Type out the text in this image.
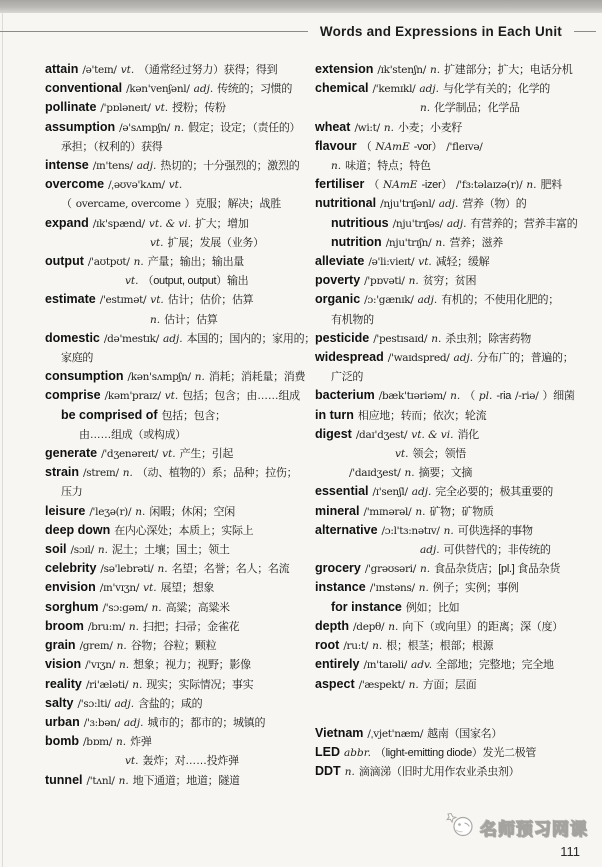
Words and Expressions in Each Unit
attain /ə'teɪn/ vt. （通常经过努力）获得；得到
conventional /kən'venʃənl/ adj. 传统的；习惯的
pollinate /'pɒləneɪt/ vt. 授粉；传粉
assumption /ə'sʌmpʃn/ n. 假定；设定；（责任的）
承担；（权利的）获得
intense /ɪn'tens/ adj. 热切的；十分强烈的；激烈的
overcome /ˌəʊvə'kʌm/ vt.
（ overcame, overcome ）克服；解决；战胜
expand /ɪk'spænd/ vt. & vi. 扩大；增加
vt. 扩展；发展（业务）
output /'aʊtpʊt/ n. 产量；输出；输出量
vt. （output, output）输出
estimate /'estɪmət/ vt. 估计；估价；估算
n. 估计；估算
domestic /də'mestɪk/ adj. 本国的；国内的；家用的；
家庭的
consumption /kən'sʌmpʃn/ n. 消耗；消耗量；消费
comprise /kəm'praɪz/ vt. 包括；包含；由……组成
be comprised of 包括；包含；
由……组成（或构成）
generate /'dʒenəreɪt/ vt. 产生；引起
strain /streɪn/ n. （动、植物的）系；品种；拉伤；
压力
leisure /'leʒə(r)/ n. 闲暇；休闲；空闲
deep down 在内心深处；本质上；实际上
soil /sɔɪl/ n. 泥土；土壤；国土；领土
celebrity /sə'lebrəti/ n. 名望；名誉；名人；名流
envision /ɪn'vɪʒn/ vt. 展望；想象
sorghum /'sɔ:gəm/ n. 高粱；高粱米
broom /bru:m/ n. 扫把；扫帚；金雀花
grain /greɪn/ n. 谷物；谷粒；颗粒
vision /'vɪʒn/ n. 想象；视力；视野；影像
reality /ri'æləti/ n. 现实；实际情况；事实
salty /'sɔ:lti/ adj. 含盐的；咸的
urban /'ɜ:bən/ adj. 城市的；都市的；城镇的
bomb /bɒm/ n. 炸弹
vt. 轰炸；对……投炸弹
tunnel /'tʌnl/ n. 地下通道；地道；隧道
extension /ɪk'stenʃn/ n. 扩建部分；扩大；电话分机
chemical /'kemɪkl/ adj. 与化学有关的；化学的
n. 化学制品；化学品
wheat /wi:t/ n. 小麦；小麦籽
flavour （ NAmE -vor） /'fleɪvə/
n. 味道；特点；特色
fertiliser （ NAmE -izer） /'fɜ:təlaɪzə(r)/ n. 肥料
nutritional /nju'trɪʃənl/ adj. 营养（物）的
nutritious /nju'trɪʃəs/ adj. 有营养的；营养丰富的
nutrition /nju'trɪʃn/ n. 营养；滋养
alleviate /ə'li:vieɪt/ vt. 减轻；缓解
poverty /'pɒvəti/ n. 贫穷；贫困
organic /ɔ:'gænɪk/ adj. 有机的；不使用化肥的；
有机物的
pesticide /'pestɪsaɪd/ n. 杀虫剂；除害药物
widespread /'waɪdspred/ adj. 分布广的；普遍的；
广泛的
bacterium /bæk'tɪəriəm/ n. （ pl. -ria /-riə/ ）细菌
in turn 相应地；转而；依次；轮流
digest /daɪ'dʒest/ vt. & vi. 消化
vt. 领会；领悟
/'daɪdʒest/ n. 摘要；文摘
essential /ɪ'senʃl/ adj. 完全必要的；极其重要的
mineral /'mɪnərəl/ n. 矿物；矿物质
alternative /ɔ:l'tɜ:nətɪv/ n. 可供选择的事物
adj. 可供替代的；非传统的
grocery /'grəʊsəri/ n. 食品杂货店；[pl.] 食品杂货
instance /'ɪnstəns/ n. 例子；实例；事例
for instance 例如；比如
depth /depθ/ n. 向下（或向里）的距离；深（度）
root /ru:t/ n. 根；根茎；根部；根源
entirely /ɪn'taɪəli/ adv. 全部地；完整地；完全地
aspect /'æspekt/ n. 方面；层面
Vietnam /ˌvjet'næm/ 越南（国家名）
LED abbr. （light-emitting diode）发光二极管
DDT n. 滴滴涕（旧时尤用作农业杀虫剂）
名师预习网课
111
